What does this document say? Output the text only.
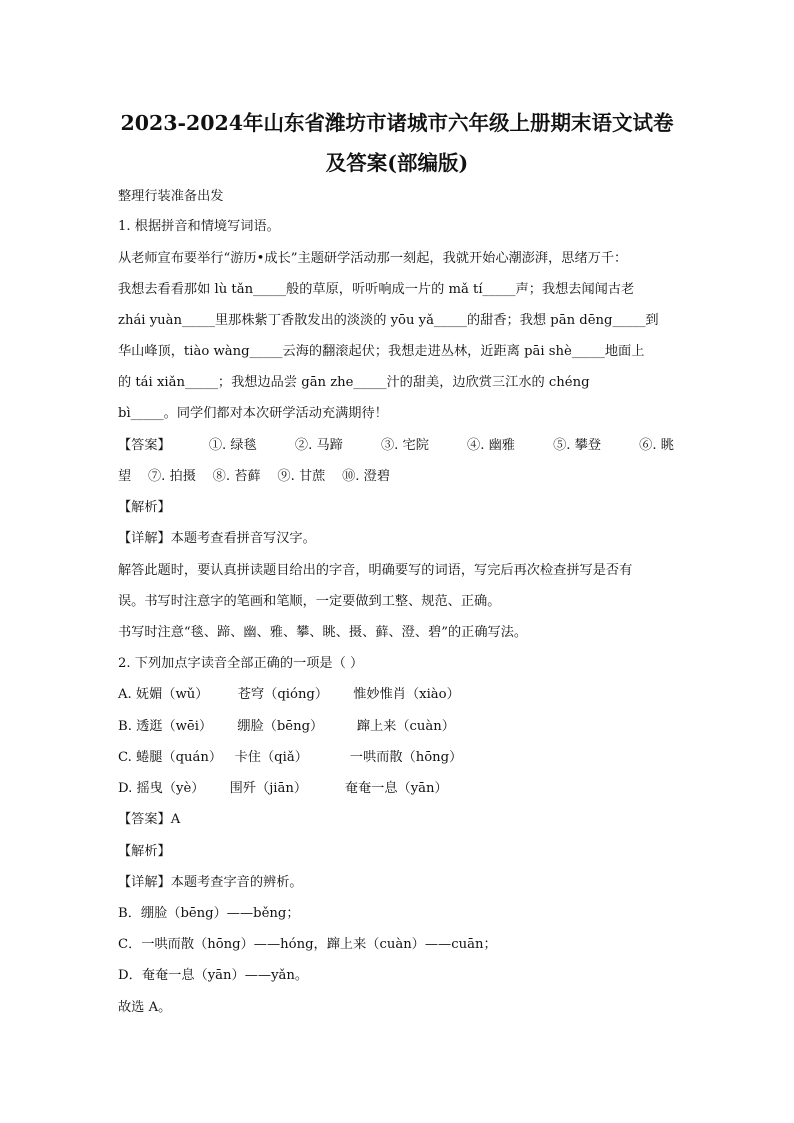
2023-2024年山东省潍坊市诸城市六年级上册期末语文试卷
及答案(部编版)
整理行装准备出发
1. 根据拼音和情境写词语。
从老师宣布要举行“游历•成长”主题研学活动那一刻起，我就开始心潮澎湃，思绪万千：
我想去看看那如 lù tǎn_____般的草原，听听响成一片的 mǎ tí_____声；我想去闻闻古老
zhái yuàn_____里那株紫丁香散发出的淡淡的 yōu yǎ_____的甜香；我想 pān dēng_____到
华山峰顶，tiào wàng_____云海的翻滚起伏；我想走进丛林，近距离 pāi shè_____地面上
的 tái xiǎn_____；我想边品尝 gān zhe_____汁的甜美，边欣赏三江水的 chéng
bì_____。同学们都对本次研学活动充满期待！
【答案】	①. 绿毯	②. 马蹄	③. 宅院	④. 幽雅	⑤. 攀登	⑥. 眺
望    ⑦. 拍摄    ⑧. 苔藓    ⑨. 甘蔗    ⑩. 澄碧
【解析】
【详解】本题考查看拼音写汉字。
解答此题时，要认真拼读题目给出的字音，明确要写的词语，写完后再次检查拼写是否有
误。书写时注意字的笔画和笔顺，一定要做到工整、规范、正确。
书写时注意“毯、蹄、幽、雅、攀、眺、摄、藓、澄、碧”的正确写法。
2. 下列加点字读音全部正确的一项是（ ）
A. 妩媚（wǔ）       苍穹（qióng）      惟妙惟肖（xiào）
B. 透逛（wēi）      绷脸（bēng）        蹿上来（cuàn）
C. 蜷腿（quán）   卡住（qiǎ）          一哄而散（hōng）
D. 摇曳（yè）      围歼（jiān）         奄奄一息（yān）
【答案】A
【解析】
【详解】本题考查字音的辨析。
B．绷脸（bēng）——běng；
C．一哄而散（hōng）——hóng，蹿上来（cuàn）——cuān；
D．奄奄一息（yān）——yǎn。
故选 A。
